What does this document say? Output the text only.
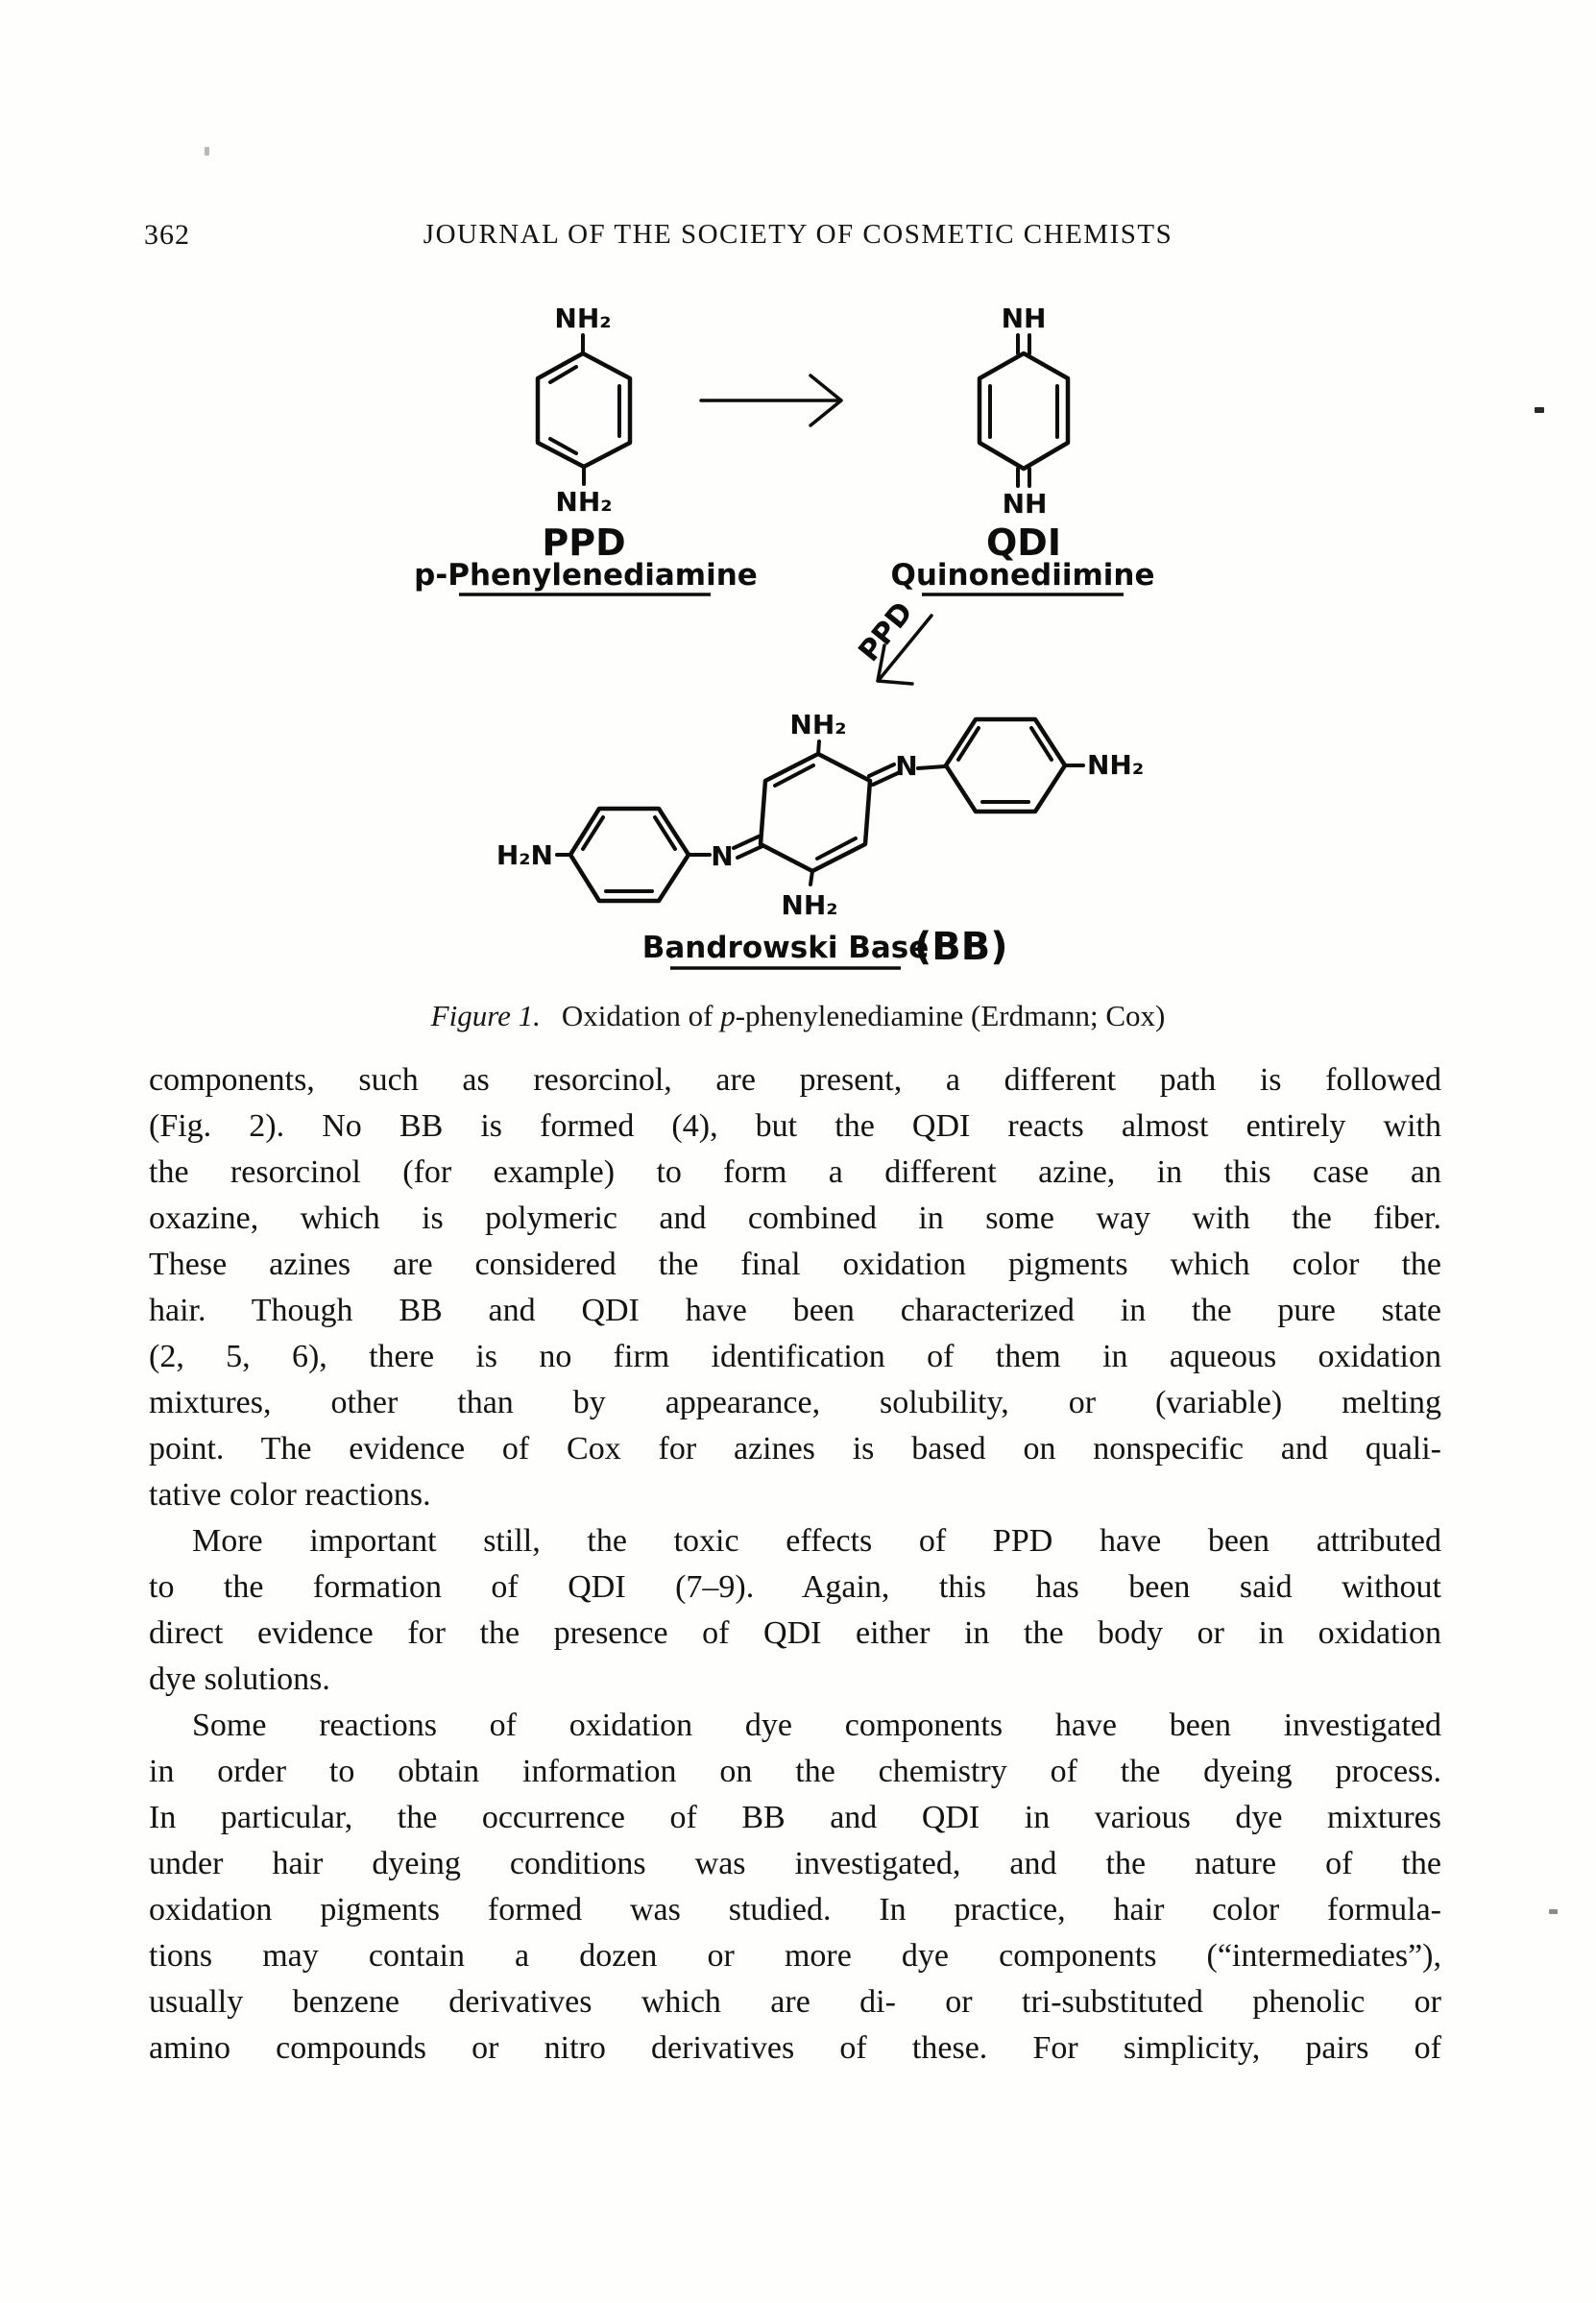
362	JOURNAL OF THE SOCIETY OF COSMETIC CHEMISTS
NH₂
NH₂
PPD
p-Phenylenediamine
NH
NH
QDI
Quinonediimine
PPD
H₂N	N
NH₂
NH₂
N	NH₂
Bandrowski Base
(BB)
Figure 1. Oxidation of p-phenylenediamine (Erdmann; Cox)
components, such as resorcinol, are present, a different path is followed
(Fig. 2). No BB is formed (4), but the QDI reacts almost entirely with
the resorcinol (for example) to form a different azine, in this case an
oxazine, which is polymeric and combined in some way with the fiber.
These azines are considered the final oxidation pigments which color the
hair. Though BB and QDI have been characterized in the pure state
(2, 5, 6), there is no firm identification of them in aqueous oxidation
mixtures, other than by appearance, solubility, or (variable) melting
point. The evidence of Cox for azines is based on nonspecific and quali-
tative color reactions.
More important still, the toxic effects of PPD have been attributed
to the formation of QDI (7–9). Again, this has been said without
direct evidence for the presence of QDI either in the body or in oxidation
dye solutions.
Some reactions of oxidation dye components have been investigated
in order to obtain information on the chemistry of the dyeing process.
In particular, the occurrence of BB and QDI in various dye mixtures
under hair dyeing conditions was investigated, and the nature of the
oxidation pigments formed was studied. In practice, hair color formula-
tions may contain a dozen or more dye components (“intermediates”),
usually benzene derivatives which are di- or tri-substituted phenolic or
amino compounds or nitro derivatives of these. For simplicity, pairs of
